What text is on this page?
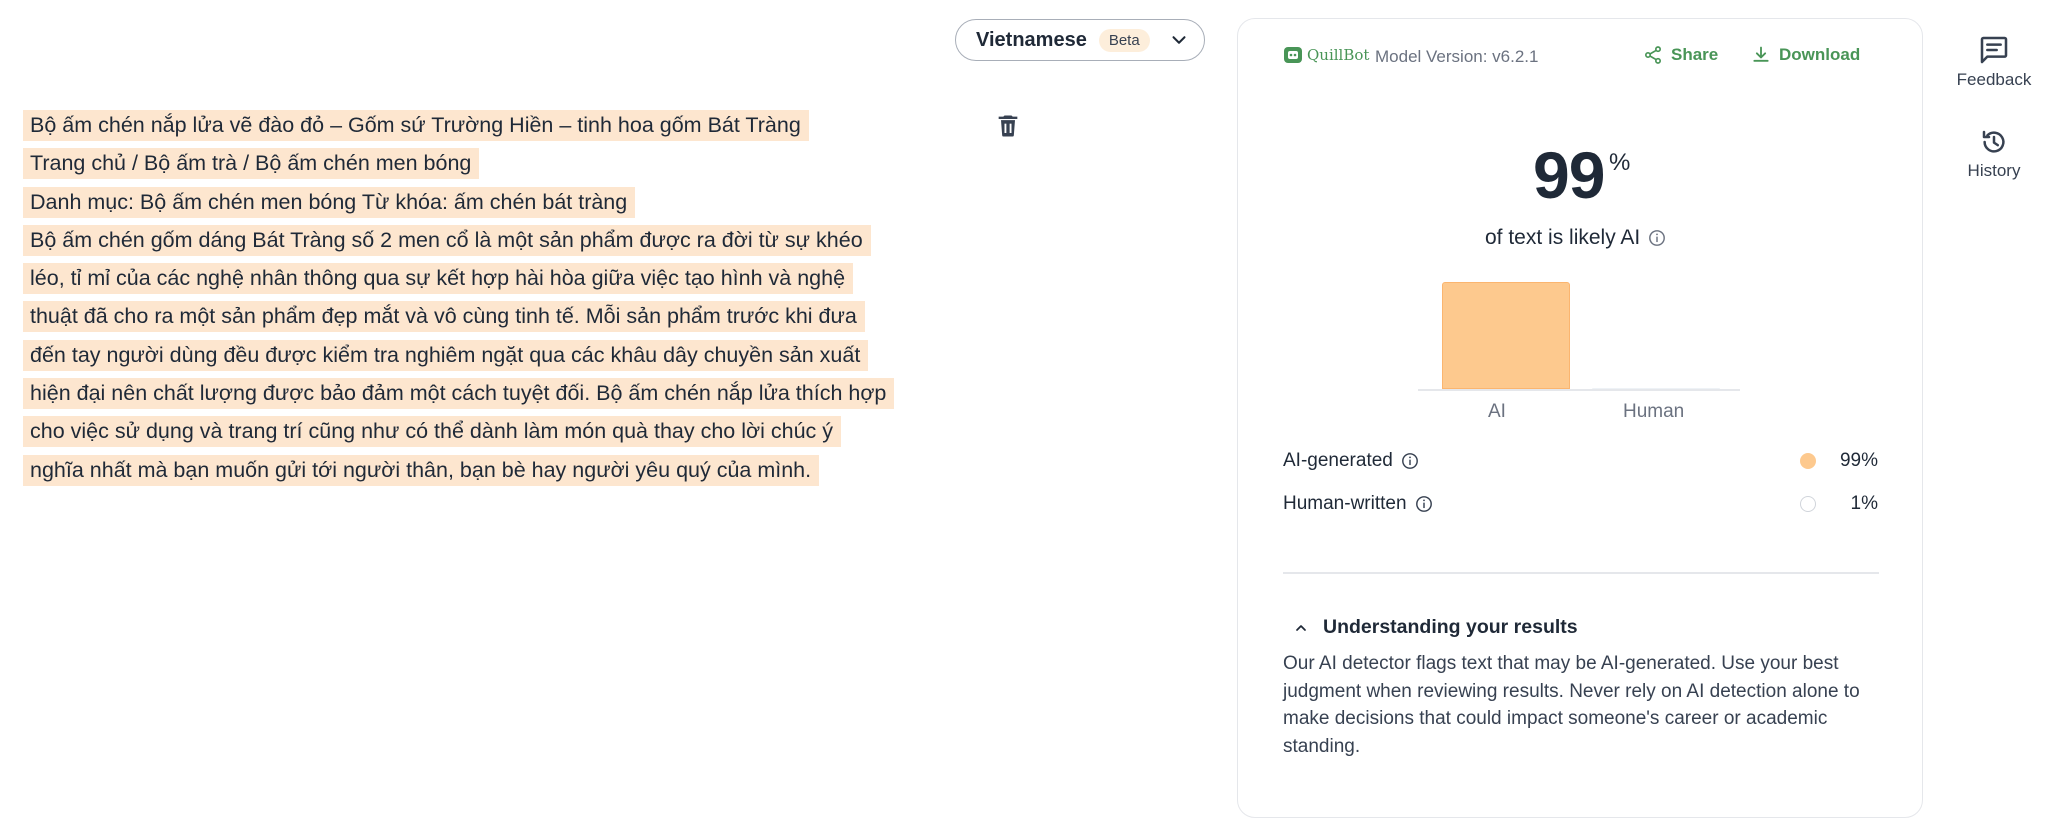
Vietnamese	Beta
Bộ ấm chén nắp lửa vẽ đào đỏ – Gốm sứ Trường Hiền – tinh hoa gốm Bát Tràng
Trang chủ / Bộ ấm trà / Bộ ấm chén men bóng
Danh mục: Bộ ấm chén men bóng Từ khóa: ấm chén bát tràng
Bộ ấm chén gốm dáng Bát Tràng số 2 men cổ là một sản phẩm được ra đời từ sự khéo
léo, tỉ mỉ của các nghệ nhân thông qua sự kết hợp hài hòa giữa việc tạo hình và nghệ
thuật đã cho ra một sản phẩm đẹp mắt và vô cùng tinh tế. Mỗi sản phẩm trước khi đưa
đến tay người dùng đều được kiểm tra nghiêm ngặt qua các khâu dây chuyền sản xuất
hiện đại nên chất lượng được bảo đảm một cách tuyệt đối. Bộ ấm chén nắp lửa thích hợp
cho việc sử dụng và trang trí cũng như có thể dành làm món quà thay cho lời chúc ý
nghĩa nhất mà bạn muốn gửi tới người thân, bạn bè hay người yêu quý của mình.
QuillBot Model Version: v6.2.1	Share	Download
99 %
of text is likely AI
AI	Human
AI-generated	99%
Human-written	1%
Understanding your results
Our AI detector flags text that may be AI-generated. Use your best judgment when reviewing results. Never rely on AI detection alone to make decisions that could impact someone's career or academic standing.
Feedback
History
